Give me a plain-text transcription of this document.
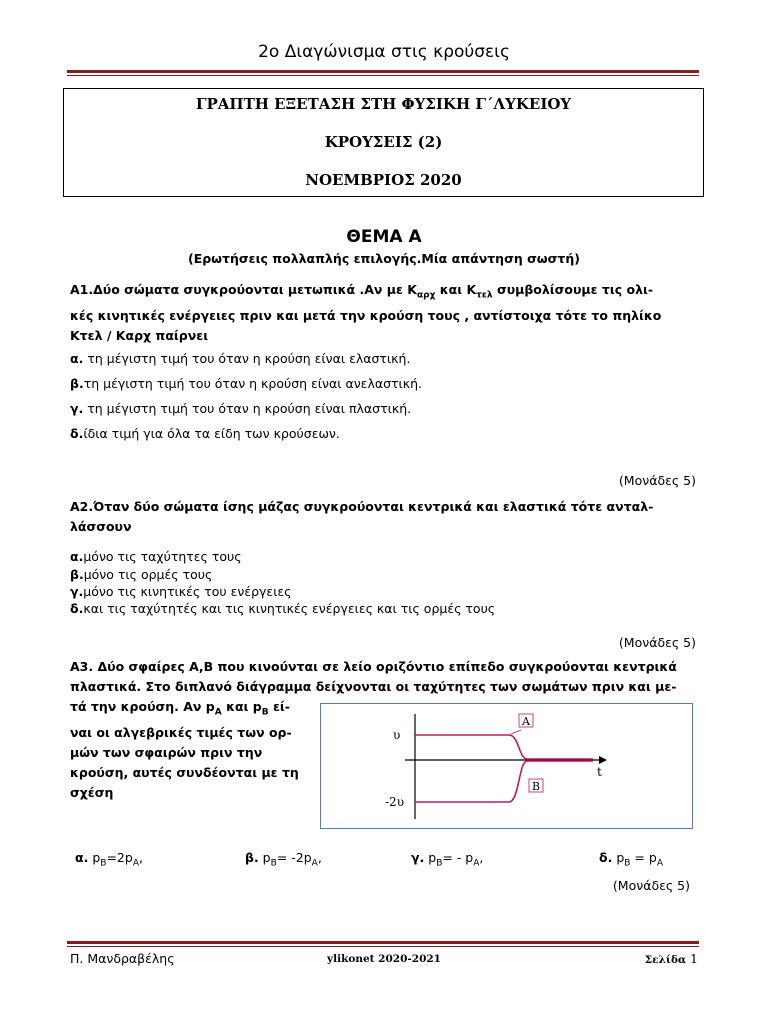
2ο Διαγώνισμα στις κρούσεις
ΓΡΑΠΤΗ ΕΞΕΤΑΣΗ ΣΤΗ ΦΥΣΙΚΗ Γ΄ΛΥΚΕΙΟΥ
ΚΡΟΥΣΕΙΣ (2)
ΝΟΕΜΒΡΙΟΣ 2020
ΘΕΜΑ Α
(Ερωτήσεις πολλαπλής επιλογής.Μία απάντηση σωστή)
Α1.Δύο σώματα συγκρούονται μετωπικά .Αν με $K_{\alpha\rho\chi}$ και $K_{\tau\varepsilon\lambda}$ συμβολίσουμε τις ολι-
κές κινητικές ενέργειες πριν και μετά την κρούση τους , αντίστοιχα τότε το πηλίκο
Κτελ / Καρχ παίρνει
α. τη μέγιστη τιμή του όταν η κρούση είναι ελαστική.
β.τη μέγιστη τιμή του όταν η κρούση είναι ανελαστική.
γ. τη μέγιστη τιμή του όταν η κρούση είναι πλαστική.
δ.ίδια τιμή για όλα τα είδη των κρούσεων.
(Μονάδες 5)
Α2.Όταν δύο σώματα ίσης μάζας συγκρούονται κεντρικά και ελαστικά τότε ανταλ-
λάσσουν
α.μόνο τις ταχύτητες τους
β.μόνο τις ορμές τους
γ.μόνο τις κινητικές του ενέργειες
δ.και τις ταχύτητές και τις κινητικές ενέργειες και τις ορμές τους
(Μονάδες 5)
Α3. Δύο σφαίρες Α,Β που κινούνται σε λείο οριζόντιο επίπεδο συγκρούονται κεντρικά
πλαστικά. Στο διπλανό διάγραμμα δείχνονται οι ταχύτητες των σωμάτων πριν και με-
τά την κρούση. Αν $p_A$ και $p_B$ εί-
ναι οι αλγεβρικές τιμές των ορ-
μών των σφαιρών πριν την
κρούση, αυτές συνδέονται με τη
σχέση
υ
-2υ
t
A
B
α. $p_B=2p_A$,	β. $p_B= -2p_A$,	γ. $p_B= - p_A$,	δ. $p_B = p_A$
(Μονάδες 5)
Π. Μανδραβέλης	ylikonet 2020-2021	Σελίδα 1
